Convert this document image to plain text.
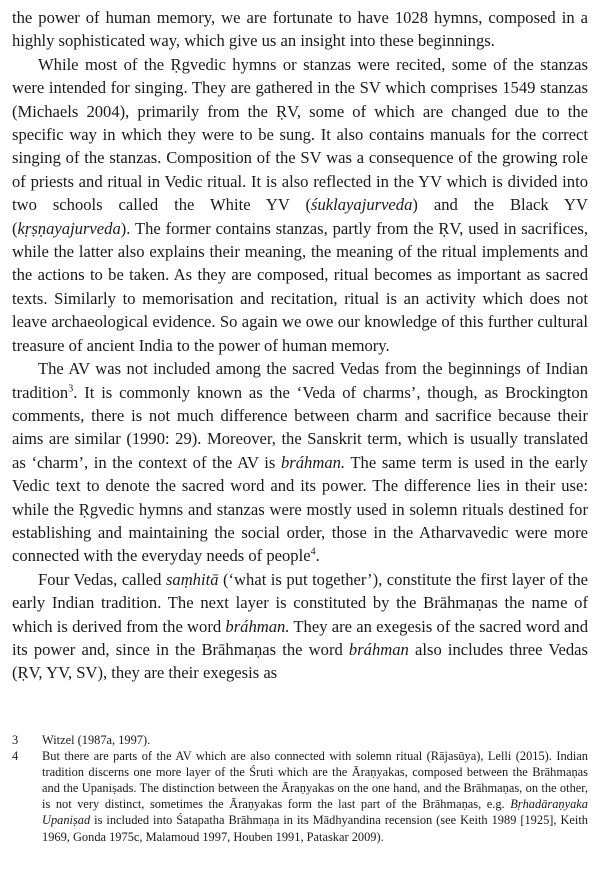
the power of human memory, we are fortunate to have 1028 hymns, composed in a highly sophisticated way, which give us an insight into these beginnings.

While most of the Ṛgvedic hymns or stanzas were recited, some of the stanzas were intended for singing. They are gathered in the SV which comprises 1549 stanzas (Michaels 2004), primarily from the ṚV, some of which are changed due to the specific way in which they were to be sung. It also contains manuals for the correct singing of the stanzas. Composition of the SV was a consequence of the growing role of priests and ritual in Vedic ritual. It is also reflected in the YV which is divided into two schools called the White YV (śuklayajurveda) and the Black YV (kṛṣṇayajurveda). The former contains stanzas, partly from the ṚV, used in sacrifices, while the latter also explains their meaning, the meaning of the ritual implements and the actions to be taken. As they are composed, ritual becomes as important as sacred texts. Similarly to memorisation and recitation, ritual is an activity which does not leave archaeological evidence. So again we owe our knowledge of this further cultural treasure of ancient India to the power of human memory.

The AV was not included among the sacred Vedas from the beginnings of Indian tradition$^3$. It is commonly known as the ‘Veda of charms’, though, as Brockington comments, there is not much difference between charm and sacrifice because their aims are similar (1990: 29). Moreover, the Sanskrit term, which is usually translated as ‘charm’, in the context of the AV is bráhman. The same term is used in the early Vedic text to denote the sacred word and its power. The difference lies in their use: while the Ṛgvedic hymns and stanzas were mostly used in solemn rituals destined for establishing and maintaining the social order, those in the Atharvavedic were more connected with the everyday needs of people$^4$.

Four Vedas, called saṃhitā (‘what is put together’), constitute the first layer of the early Indian tradition. The next layer is constituted by the Brāhmaṇas the name of which is derived from the word bráhman. They are an exegesis of the sacred word and its power and, since in the Brāhmaṇas the word bráhman also includes three Vedas (ṚV, YV, SV), they are their exegesis as

3	Witzel (1987a, 1997).
4	But there are parts of the AV which are also connected with solemn ritual (Rājasūya), Lelli (2015). Indian tradition discerns one more layer of the Śruti which are the Āraṇyakas, composed between the Brāhmaṇas and the Upaniṣads. The distinction between the Āraṇyakas on the one hand, and the Brāhmaṇas, on the other, is not very distinct, sometimes the Āraṇyakas form the last part of the Brāhmaṇas, e.g. Bṛhadāraṇyaka Upaniṣad is included into Śatapatha Brāhmaṇa in its Mādhyandina recension (see Keith 1989 [1925], Keith 1969, Gonda 1975c, Malamoud 1997, Houben 1991, Pataskar 2009).
